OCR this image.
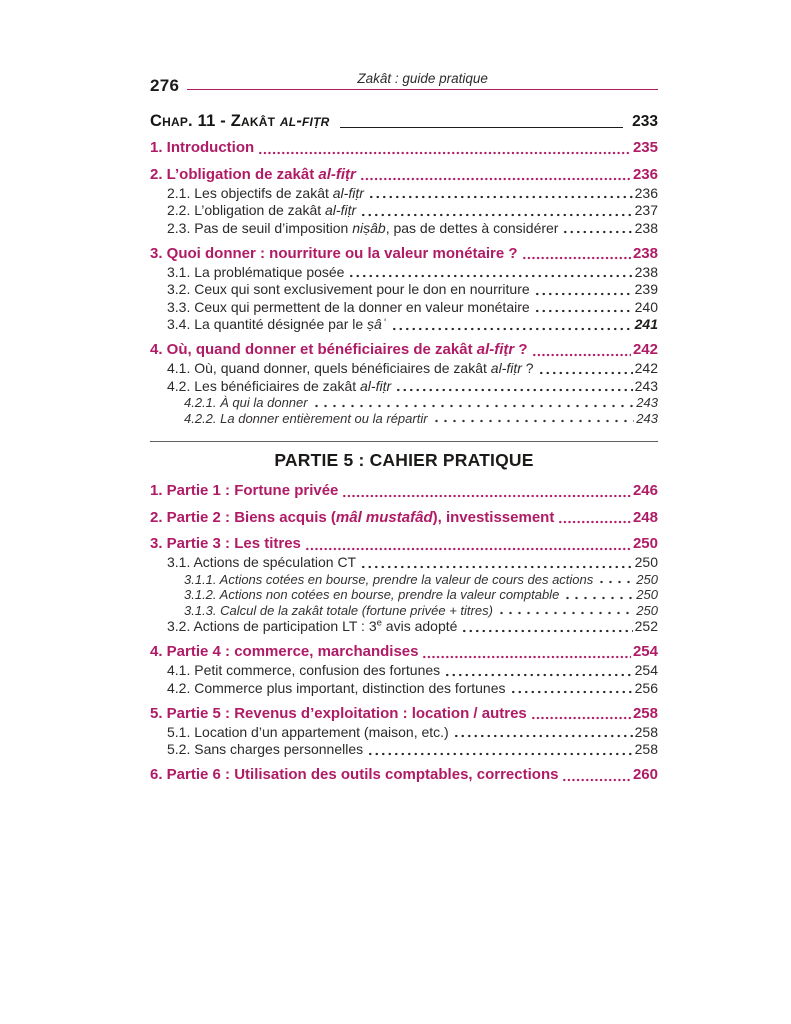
276	Zakât : guide pratique
Chap. 11 - Zakât al-fiṭr	233
1. Introduction	235
2. L’obligation de zakât al-fiṭr	236
2.1. Les objectifs de zakât al-fiṭr	236
2.2. L’obligation de zakât al-fiṭr	237
2.3. Pas de seuil d’imposition niṣâb, pas de dettes à considérer	238
3. Quoi donner : nourriture ou la valeur monétaire ?	238
3.1. La problématique posée	238
3.2. Ceux qui sont exclusivement pour le don en nourriture	239
3.3. Ceux qui permettent de la donner en valeur monétaire	240
3.4. La quantité désignée par le ṣâʿ	241
4. Où, quand donner et bénéficiaires de zakât al-fiṭr ?	242
4.1. Où, quand donner, quels bénéficiaires de zakât al-fiṭr ?	242
4.2. Les bénéficiaires de zakât al-fiṭr	243
4.2.1. À qui la donner	243
4.2.2. La donner entièrement ou la répartir	243
PARTIE 5 : CAHIER PRATIQUE
1. Partie 1 : Fortune privée	246
2. Partie 2 : Biens acquis (mâl mustafâd), investissement	248
3. Partie 3 : Les titres	250
3.1. Actions de spéculation CT	250
3.1.1. Actions cotées en bourse, prendre la valeur de cours des actions	250
3.1.2. Actions non cotées en bourse, prendre la valeur comptable	250
3.1.3. Calcul de la zakât totale (fortune privée + titres)	250
3.2. Actions de participation LT : 3e avis adopté	252
4. Partie 4 : commerce, marchandises	254
4.1. Petit commerce, confusion des fortunes	254
4.2. Commerce plus important, distinction des fortunes	256
5. Partie 5 : Revenus d’exploitation : location / autres	258
5.1. Location d’un appartement (maison, etc.)	258
5.2. Sans charges personnelles	258
6. Partie 6 : Utilisation des outils comptables, corrections	260
